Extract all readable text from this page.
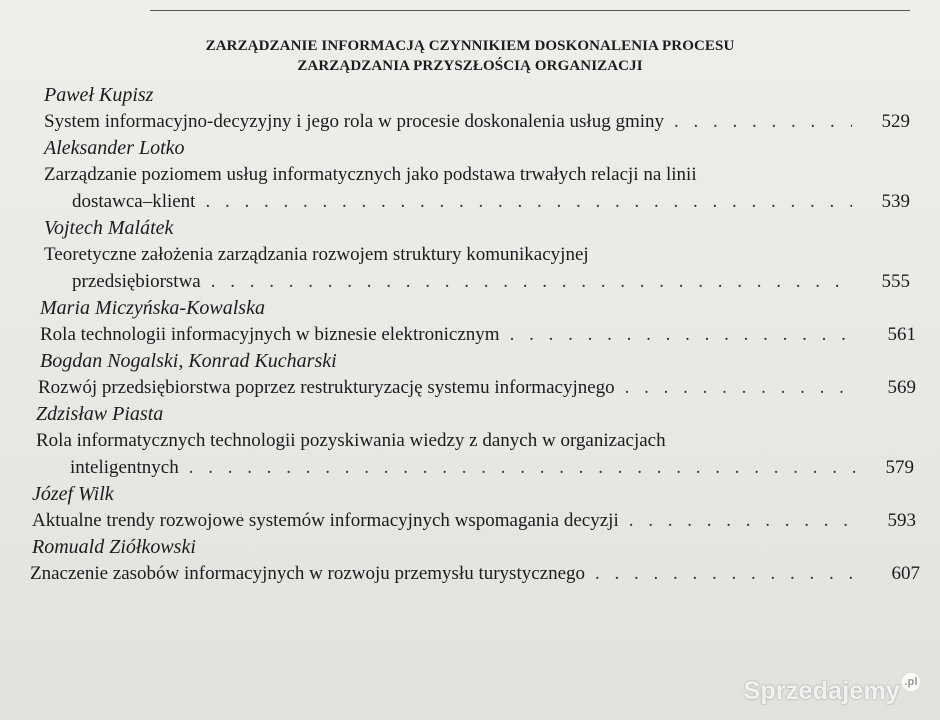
ZARZĄDZANIE INFORMACJĄ CZYNNIKIEM DOSKONALENIA PROCESU
ZARZĄDZANIA PRZYSZŁOŚCIĄ ORGANIZACJI
Paweł Kupisz
System informacyjno-decyzyjny i jego rola w procesie doskonalenia usług gminy . . .	529
Aleksander Lotko
Zarządzanie poziomem usług informatycznych jako podstawa trwałych relacji na linii
dostawca–klient . . .	539
Vojtech Malátek
Teoretyczne założenia zarządzania rozwojem struktury komunikacyjnej
przedsiębiorstwa . . .	555
Maria Miczyńska-Kowalska
Rola technologii informacyjnych w biznesie elektronicznym . . .	561
Bogdan Nogalski, Konrad Kucharski
Rozwój przedsiębiorstwa poprzez restrukturyzację systemu informacyjnego . . .	569
Zdzisław Piasta
Rola informatycznych technologii pozyskiwania wiedzy z danych w organizacjach
inteligentnych . . .	579
Józef Wilk
Aktualne trendy rozwojowe systemów informacyjnych wspomagania decyzji . . .	593
Romuald Ziółkowski
Znaczenie zasobów informacyjnych w rozwoju przemysłu turystycznego . . .	607
Sprzedajemy .pl
